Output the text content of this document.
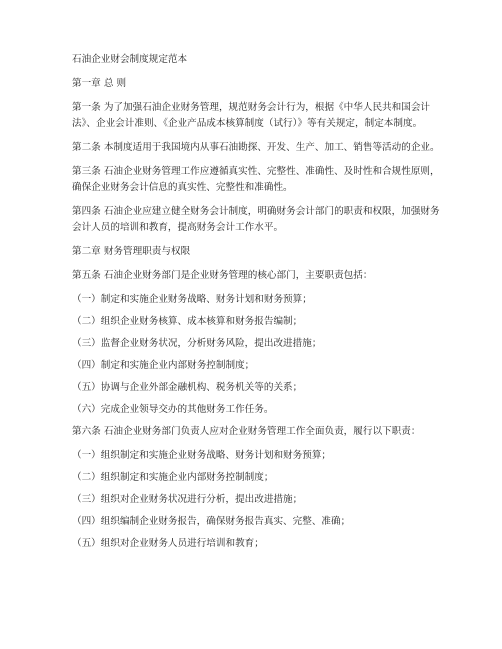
石油企业财会制度规定范本

第一章 总 则

第一条 为了加强石油企业财务管理，规范财务会计行为，根据《中华人民共和国会计法》、企业会计准则、《企业产品成本核算制度（试行）》等有关规定，制定本制度。

第二条 本制度适用于我国境内从事石油勘探、开发、生产、加工、销售等活动的企业。

第三条 石油企业财务管理工作应遵循真实性、完整性、准确性、及时性和合规性原则，确保企业财务会计信息的真实性、完整性和准确性。

第四条 石油企业应建立健全财务会计制度，明确财务会计部门的职责和权限，加强财务会计人员的培训和教育，提高财务会计工作水平。

第二章 财务管理职责与权限

第五条 石油企业财务部门是企业财务管理的核心部门，主要职责包括：

（一）制定和实施企业财务战略、财务计划和财务预算；

（二）组织企业财务核算、成本核算和财务报告编制；

（三）监督企业财务状况，分析财务风险，提出改进措施；

（四）制定和实施企业内部财务控制制度；

（五）协调与企业外部金融机构、税务机关等的关系；

（六）完成企业领导交办的其他财务工作任务。

第六条 石油企业财务部门负责人应对企业财务管理工作全面负责，履行以下职责：

（一）组织制定和实施企业财务战略、财务计划和财务预算；

（二）组织制定和实施企业内部财务控制制度；

（三）组织对企业财务状况进行分析，提出改进措施；

（四）组织编制企业财务报告，确保财务报告真实、完整、准确；

（五）组织对企业财务人员进行培训和教育；
